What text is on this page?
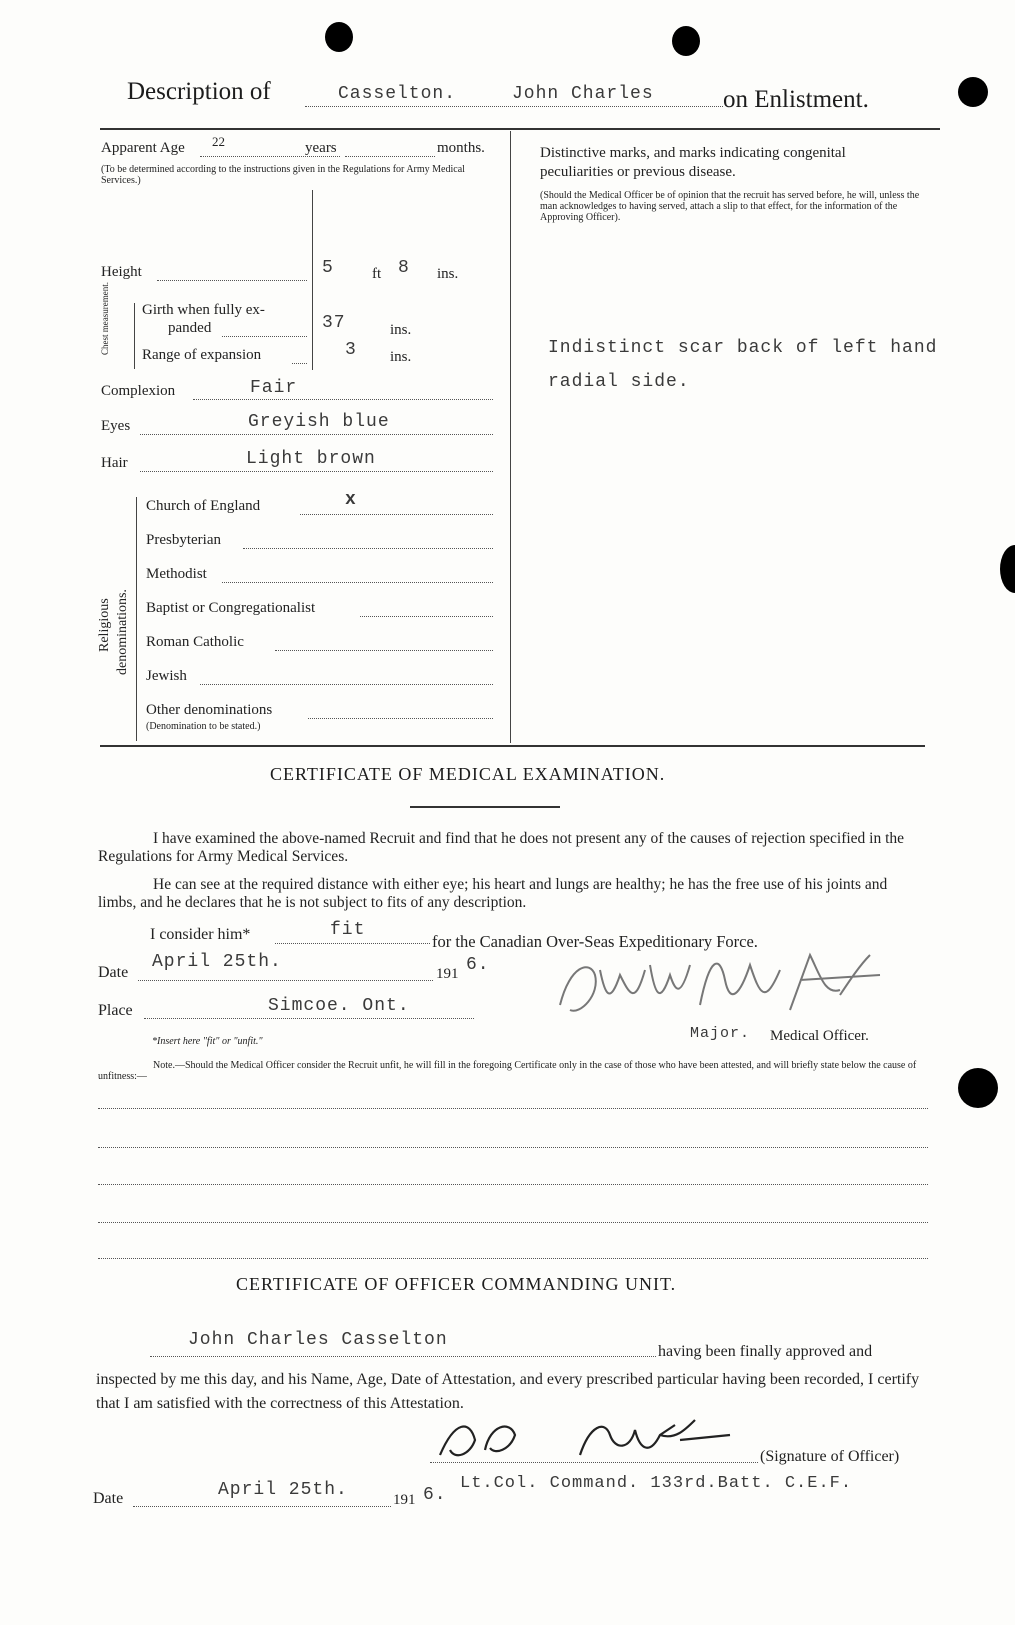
Description of	Casselton.	John Charles	on Enlistment.
Apparent Age 22	years	months.
(To be determined according to the instructions given in the Regulations for Army Medical Services.)
Height	5	ft 8 ins.
Chest measurement. Girth when fully ex-
panded	37	ins.
Range of expansion	3 ins.
Complexion	Fair
Eyes	Greyish blue
Hair	Light brown
Religious denominations.
Church of England	x
Presbyterian
Methodist
Baptist or Congregationalist
Roman Catholic
Jewish
Other denominations
(Denomination to be stated.)
Distinctive marks, and marks indicating congenital
peculiarities or previous disease.
(Should the Medical Officer be of opinion that the recruit has served before, he will, unless the man acknowledges to having served, attach a slip to that effect, for the information of the Approving Officer).
Indistinct scar back of left hand
radial side.
CERTIFICATE OF MEDICAL EXAMINATION.
I have examined the above-named Recruit and find that he does not present any of the causes of rejection specified in the Regulations for Army Medical Services.
He can see at the required distance with either eye; his heart and lungs are healthy; he has the free use of his joints and limbs, and he declares that he is not subject to fits of any description.
I consider him*	fit
for the Canadian Over-Seas Expeditionary Force.
Date
April 25th.
191 6.
Place	Simcoe. Ont.
Major. Medical Officer.
*Insert here "fit" or "unfit."
Note.—Should the Medical Officer consider the Recruit unfit, he will fill in the foregoing Certificate only in the case of those who have been attested, and will briefly state below the cause of unfitness:—
CERTIFICATE OF OFFICER COMMANDING UNIT.
John Charles Casselton
having been finally approved and
inspected by me this day, and his Name, Age, Date of Attestation, and every prescribed particular having been recorded, I certify that I am satisfied with the correctness of this Attestation.
(Signature of Officer)
Date	April 25th.	191 6.
Lt.Col. Command. 133rd.Batt. C.E.F.
